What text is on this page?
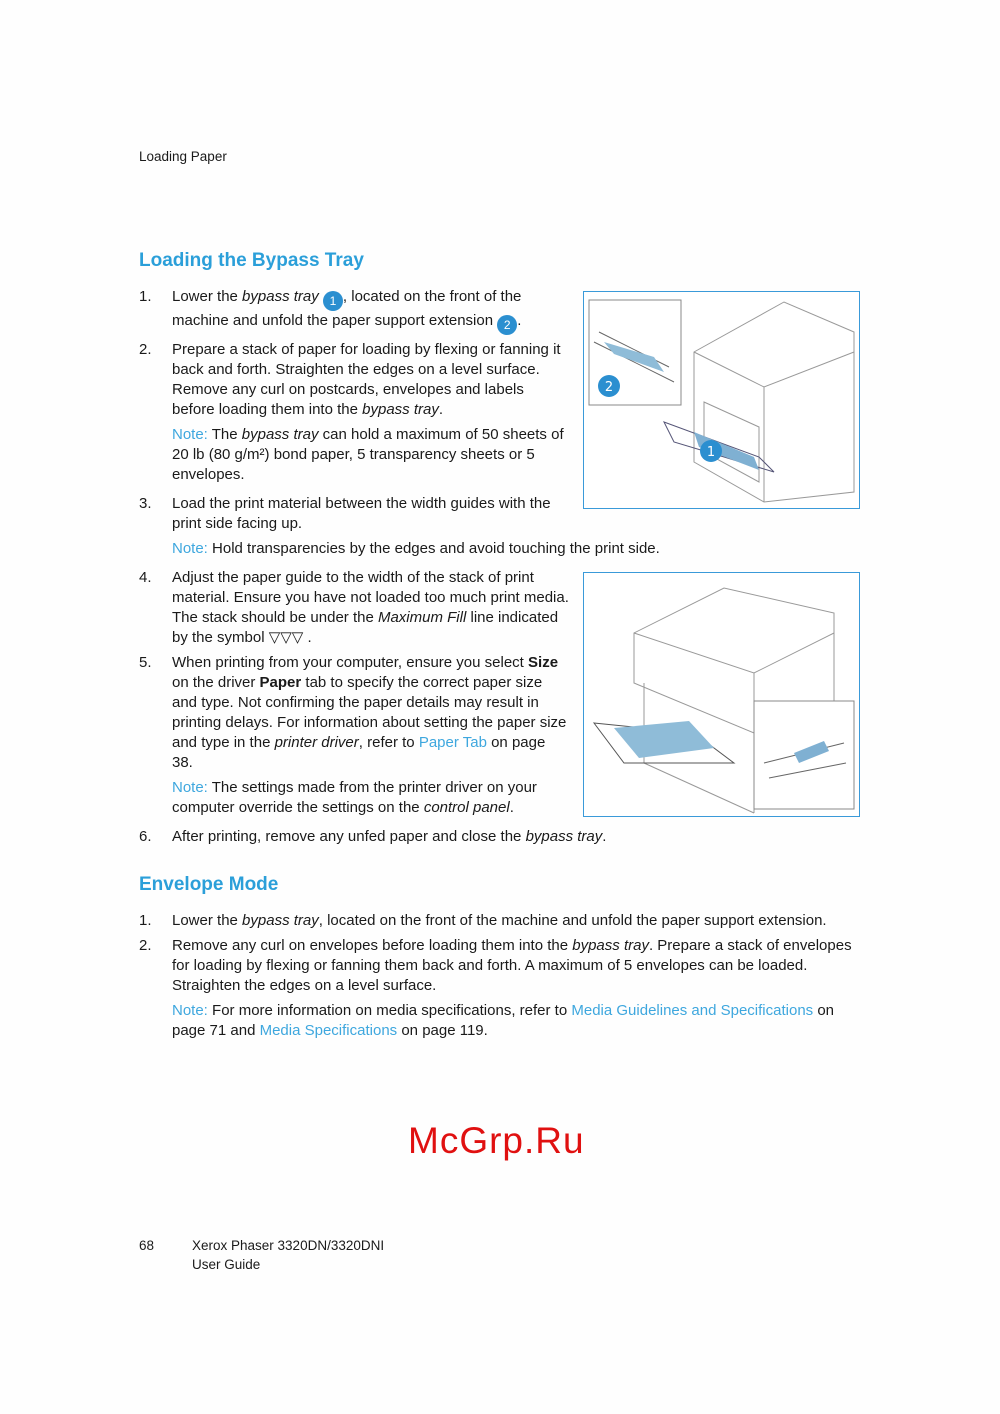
Loading Paper
Loading the Bypass Tray
2
1
1. Lower the bypass tray 1 , located on the front of the machine and unfold the paper support extension 2 .
2. Prepare a stack of paper for loading by flexing or fanning it back and forth. Straighten the edges on a level surface. Remove any curl on postcards, envelopes and labels before loading them into the bypass tray.
Note: The bypass tray can hold a maximum of 50 sheets of 20 lb (80 g/m²) bond paper, 5 transparency sheets or 5 envelopes.
3. Load the print material between the width guides with the print side facing up.
Note: Hold transparencies by the edges and avoid touching the print side.
4. Adjust the paper guide to the width of the stack of print material. Ensure you have not loaded too much print media. The stack should be under the Maximum Fill line indicated by the symbol ▽▽▽ .
5. When printing from your computer, ensure you select Size on the driver Paper tab to specify the correct paper size and type. Not confirming the paper details may result in printing delays. For information about setting the paper size and type in the printer driver, refer to Paper Tab on page 38.
Note: The settings made from the printer driver on your computer override the settings on the control panel.
6. After printing, remove any unfed paper and close the bypass tray.
Envelope Mode
1. Lower the bypass tray, located on the front of the machine and unfold the paper support extension.
2. Remove any curl on envelopes before loading them into the bypass tray. Prepare a stack of envelopes for loading by flexing or fanning them back and forth. A maximum of 5 envelopes can be loaded. Straighten the edges on a level surface.
Note: For more information on media specifications, refer to Media Guidelines and Specifications on page 71 and Media Specifications on page 119.
McGrp.Ru
68	Xerox Phaser 3320DN/3320DNI
User Guide
